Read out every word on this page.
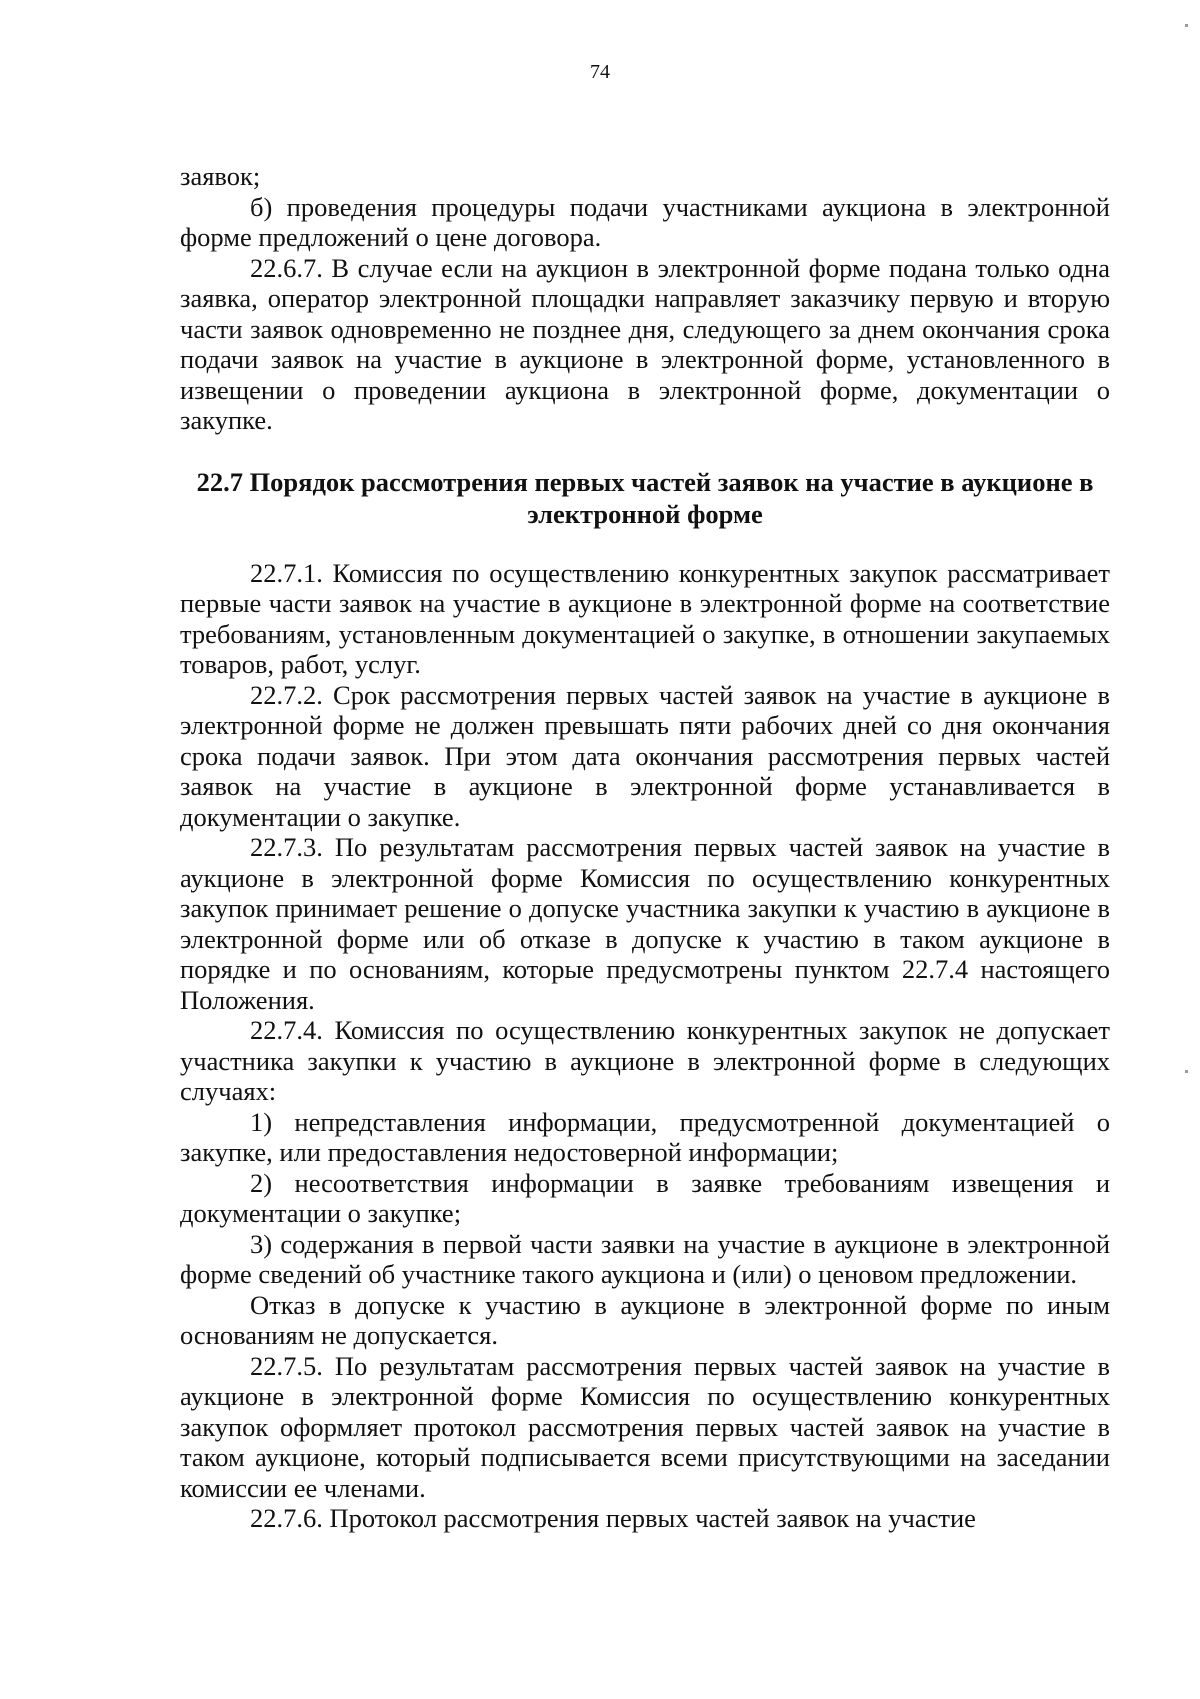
74

заявок;

б) проведения процедуры подачи участниками аукциона в электронной форме предложений о цене договора.

22.6.7. В случае если на аукцион в электронной форме подана только одна заявка, оператор электронной площадки направляет заказчику первую и вторую части заявок одновременно не позднее дня, следующего за днем окончания срока подачи заявок на участие в аукционе в электронной форме, установленного в извещении о проведении аукциона в электронной форме, документации о закупке.

22.7 Порядок рассмотрения первых частей заявок на участие в аукционе в электронной форме

22.7.1. Комиссия по осуществлению конкурентных закупок рассматривает первые части заявок на участие в аукционе в электронной форме на соответствие требованиям, установленным документацией о закупке, в отношении закупаемых товаров, работ, услуг.

22.7.2. Срок рассмотрения первых частей заявок на участие в аукционе в электронной форме не должен превышать пяти рабочих дней со дня окончания срока подачи заявок. При этом дата окончания рассмотрения первых частей заявок на участие в аукционе в электронной форме устанавливается в документации о закупке.

22.7.3. По результатам рассмотрения первых частей заявок на участие в аукционе в электронной форме Комиссия по осуществлению конкурентных закупок принимает решение о допуске участника закупки к участию в аукционе в электронной форме или об отказе в допуске к участию в таком аукционе в порядке и по основаниям, которые предусмотрены пунктом 22.7.4 настоящего Положения.

22.7.4. Комиссия по осуществлению конкурентных закупок не допускает участника закупки к участию в аукционе в электронной форме в следующих случаях:

1) непредставления информации, предусмотренной документацией о закупке, или предоставления недостоверной информации;

2) несоответствия информации в заявке требованиям извещения и документации о закупке;

3) содержания в первой части заявки на участие в аукционе в электронной форме сведений об участнике такого аукциона и (или) о ценовом предложении.

Отказ в допуске к участию в аукционе в электронной форме по иным основаниям не допускается.

22.7.5. По результатам рассмотрения первых частей заявок на участие в аукционе в электронной форме Комиссия по осуществлению конкурентных закупок оформляет протокол рассмотрения первых частей заявок на участие в таком аукционе, который подписывается всеми присутствующими на заседании комиссии ее членами.

22.7.6. Протокол рассмотрения первых частей заявок на участие
